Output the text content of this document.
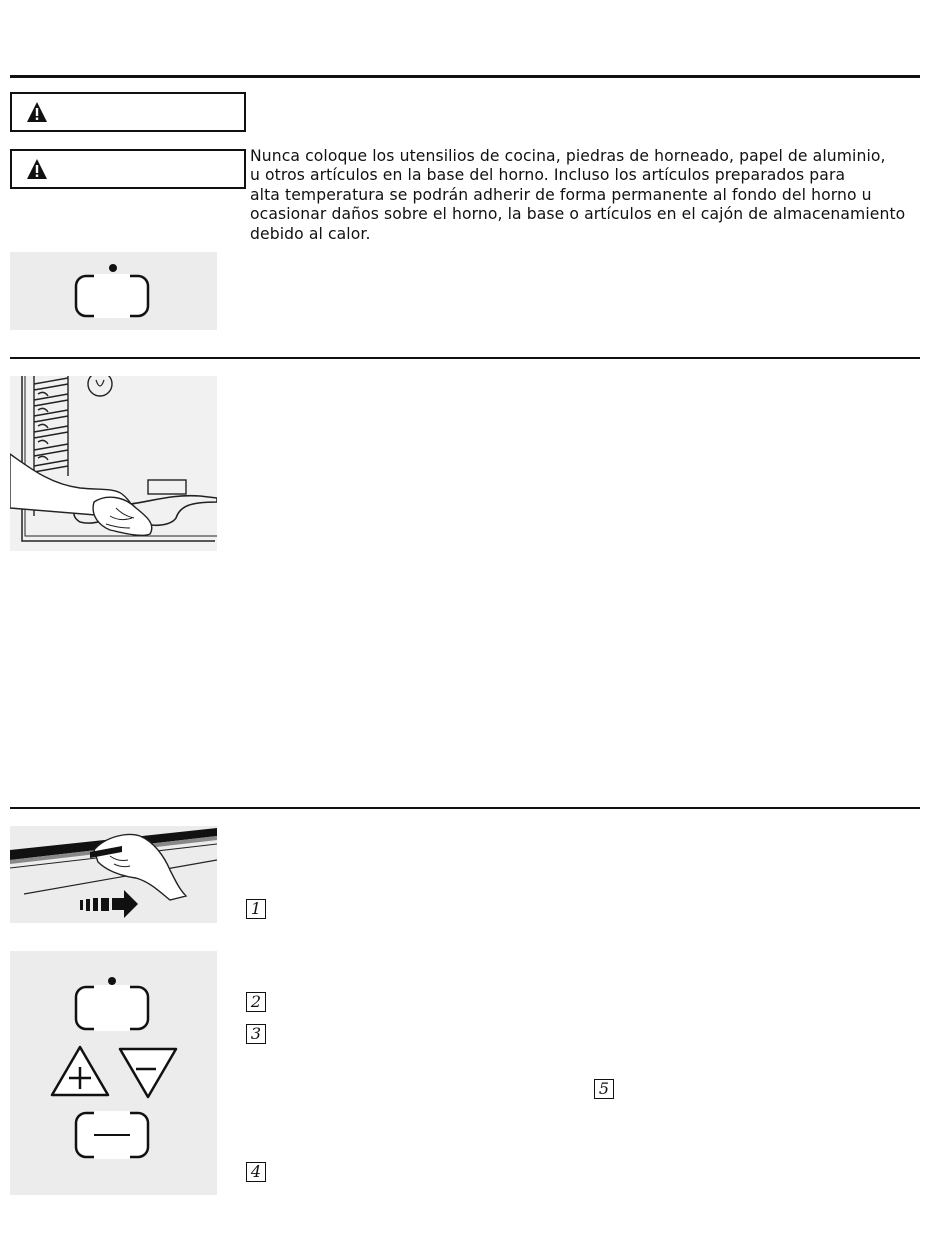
Nunca coloque los utensilios de cocina, piedras de horneado, papel de aluminio,
u otros artículos en la base del horno. Incluso los artículos preparados para
alta temperatura se podrán adherir de forma permanente al fondo del horno u
ocasionar daños sobre el horno, la base o artículos en el cajón de almacenamiento
debido al calor.
1
2
3
5
4
